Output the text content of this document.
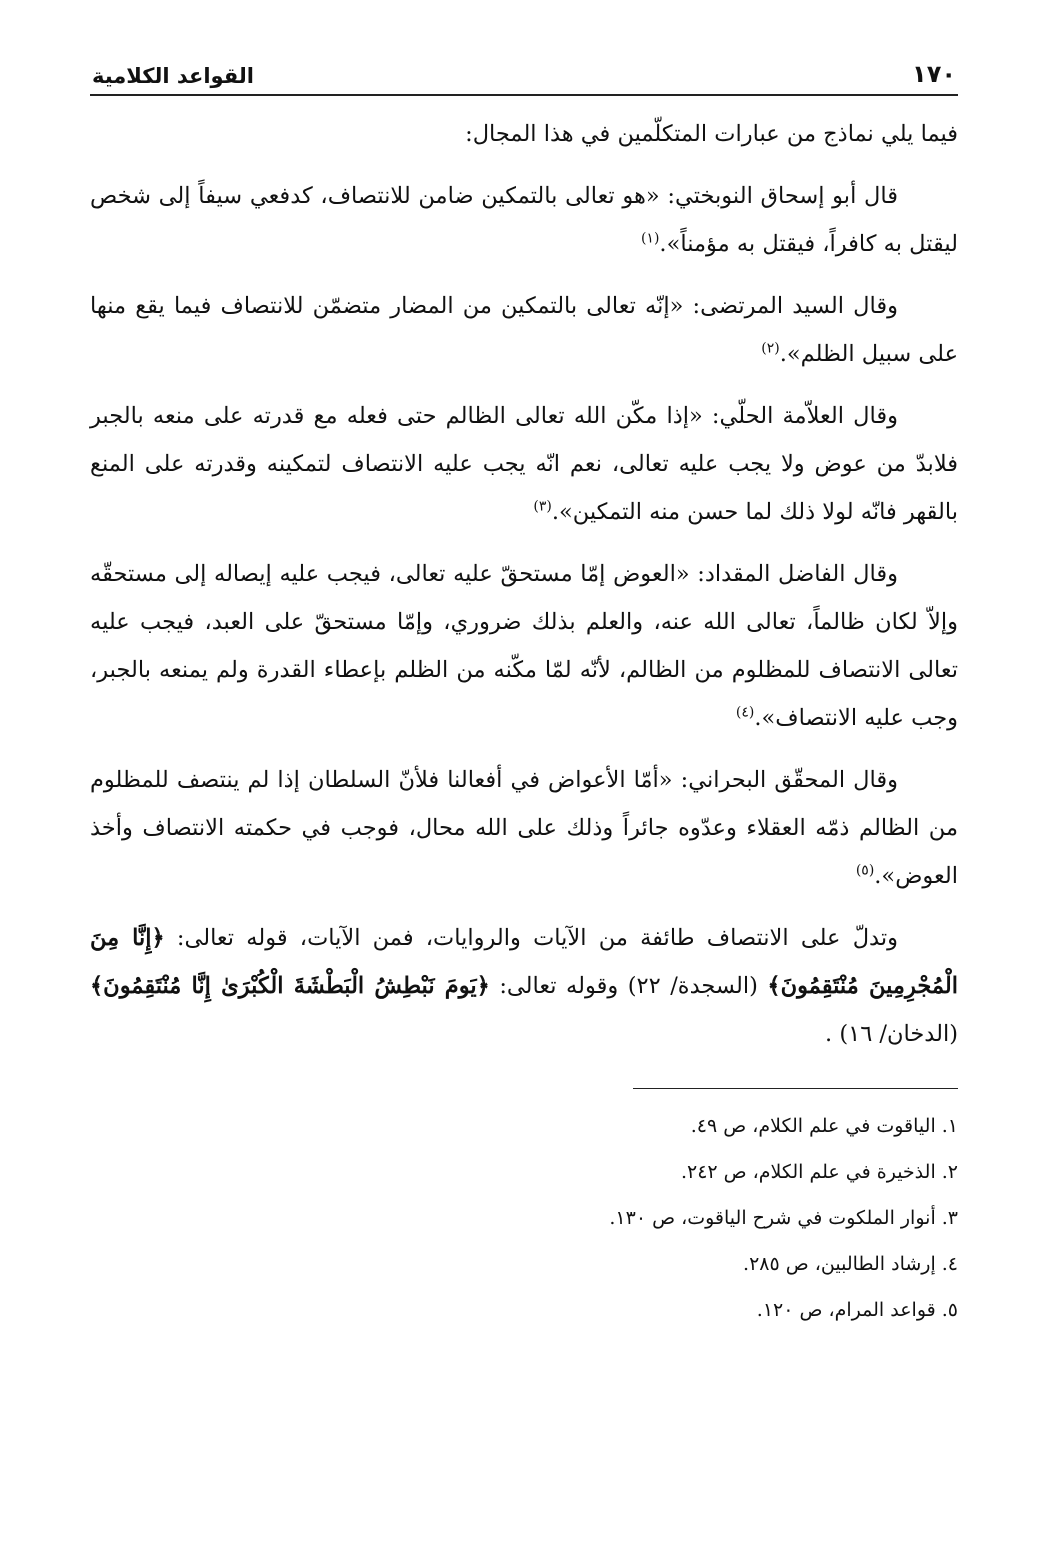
١٧٠
القواعد الكلامية

فيما يلي نماذج من عبارات المتكلّمين في هذا المجال:

قال أبو إسحاق النوبختي: «هو تعالى بالتمكين ضامن للانتصاف، كدفعي سيفاً إلى شخص ليقتل به كافراً، فيقتل به مؤمناً».$^{(١)}$

وقال السيد المرتضى: «إنّه تعالى بالتمكين من المضار متضمّن للانتصاف فيما يقع منها على سبيل الظلم».$^{(٢)}$

وقال العلاّمة الحلّي: «إذا مكّن الله تعالى الظالم حتى فعله مع قدرته على منعه بالجبر فلابدّ من عوض ولا يجب عليه تعالى، نعم انّه يجب عليه الانتصاف لتمكينه وقدرته على المنع بالقهر فانّه لولا ذلك لما حسن منه التمكين».$^{(٣)}$

وقال الفاضل المقداد: «العوض إمّا مستحقّ عليه تعالى، فيجب عليه إيصاله إلى مستحقّه وإلاّ لكان ظالماً، تعالى الله عنه، والعلم بذلك ضروري، وإمّا مستحقّ على العبد، فيجب عليه تعالى الانتصاف للمظلوم من الظالم، لأنّه لمّا مكّنه من الظلم بإعطاء القدرة ولم يمنعه بالجبر، وجب عليه الانتصاف».$^{(٤)}$

وقال المحقّق البحراني: «أمّا الأعواض في أفعالنا فلأنّ السلطان إذا لم ينتصف للمظلوم من الظالم ذمّه العقلاء وعدّوه جائراً وذلك على الله محال، فوجب في حكمته الانتصاف وأخذ العوض».$^{(٥)}$

وتدلّ على الانتصاف طائفة من الآيات والروايات، فمن الآيات، قوله تعالى: ﴿إِنَّا مِنَ الْمُجْرِمِينَ مُنْتَقِمُونَ﴾ (السجدة/ ٢٢) وقوله تعالى: ﴿يَومَ نَبْطِشُ الْبَطْشَةَ الْكُبْرَىٰ إِنَّا مُنْتَقِمُونَ﴾ (الدخان/ ١٦) .

١.الياقوت في علم الكلام، ص ٤٩.
٢.الذخيرة في علم الكلام، ص ٢٤٢.
٣.أنوار الملكوت في شرح الياقوت، ص ١٣٠.
٤.إرشاد الطالبين، ص ٢٨٥.
٥.قواعد المرام، ص ١٢٠.
